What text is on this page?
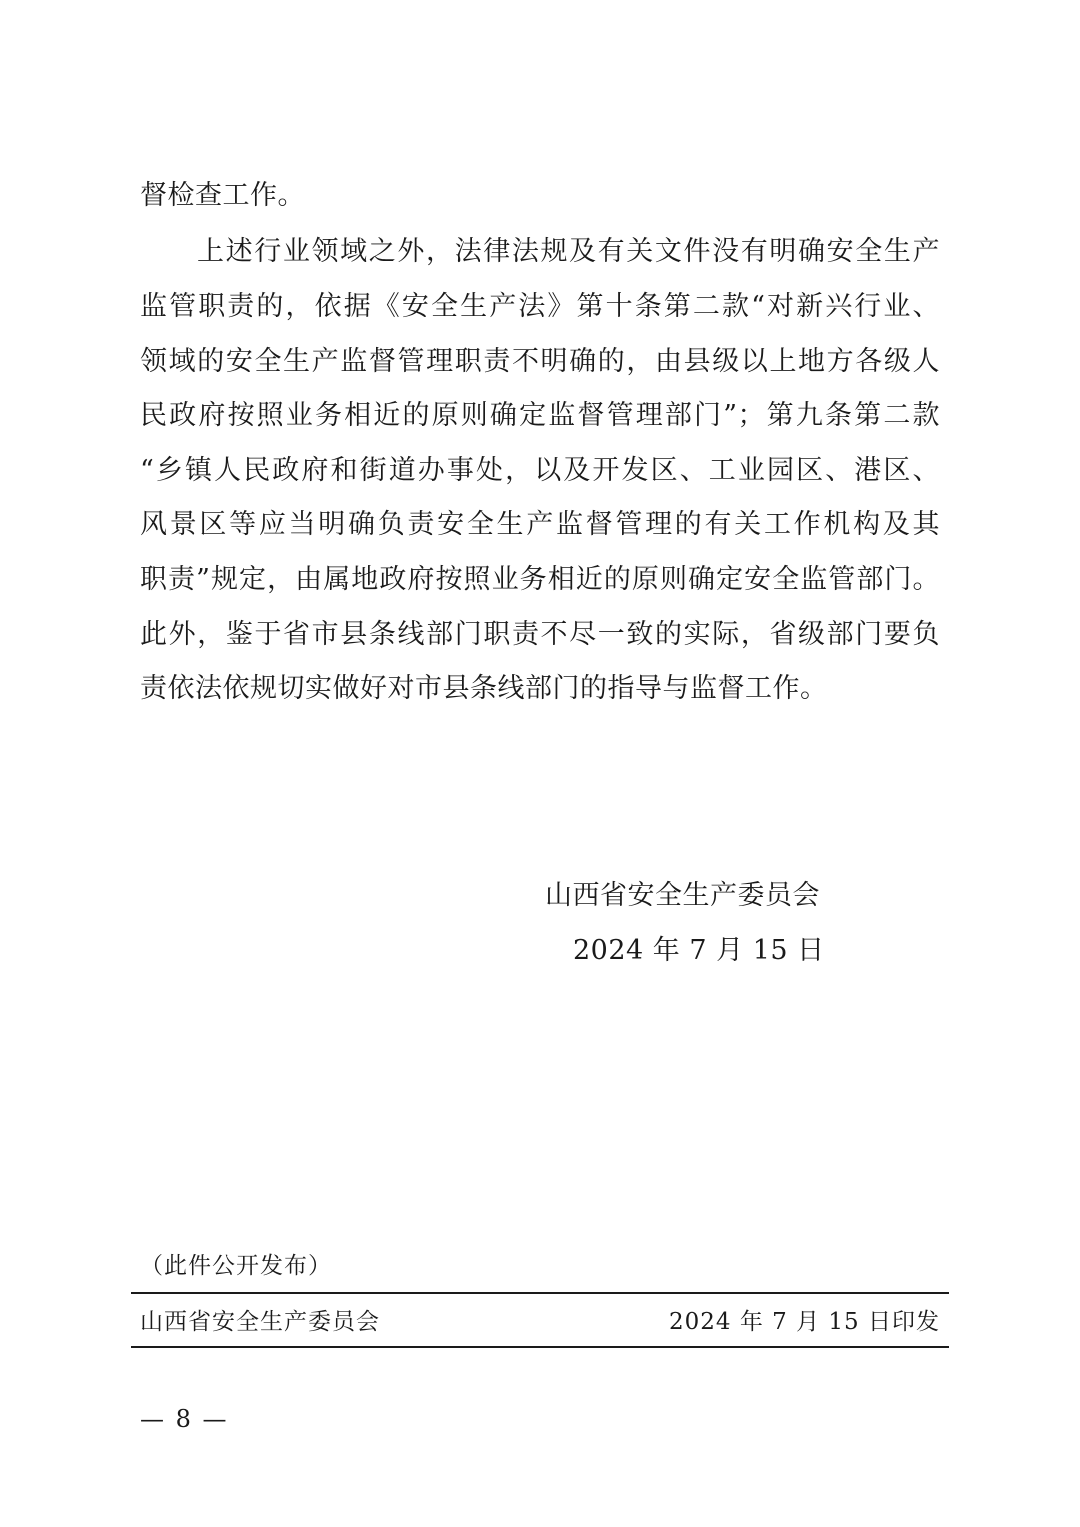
督检查工作。
上述行业领域之外，法律法规及有关文件没有明确安全生产
监管职责的，依据《安全生产法》第十条第二款“对新兴行业、
领域的安全生产监督管理职责不明确的，由县级以上地方各级人
民政府按照业务相近的原则确定监督管理部门”；第九条第二款
“乡镇人民政府和街道办事处，以及开发区、工业园区、港区、
风景区等应当明确负责安全生产监督管理的有关工作机构及其
职责”规定，由属地政府按照业务相近的原则确定安全监管部门。
此外，鉴于省市县条线部门职责不尽一致的实际，省级部门要负
责依法依规切实做好对市县条线部门的指导与监督工作。
山西省安全生产委员会
2024 年 7 月 15 日
（此件公开发布）
山西省安全生产委员会	2024 年 7 月 15 日印发
— 8 —
